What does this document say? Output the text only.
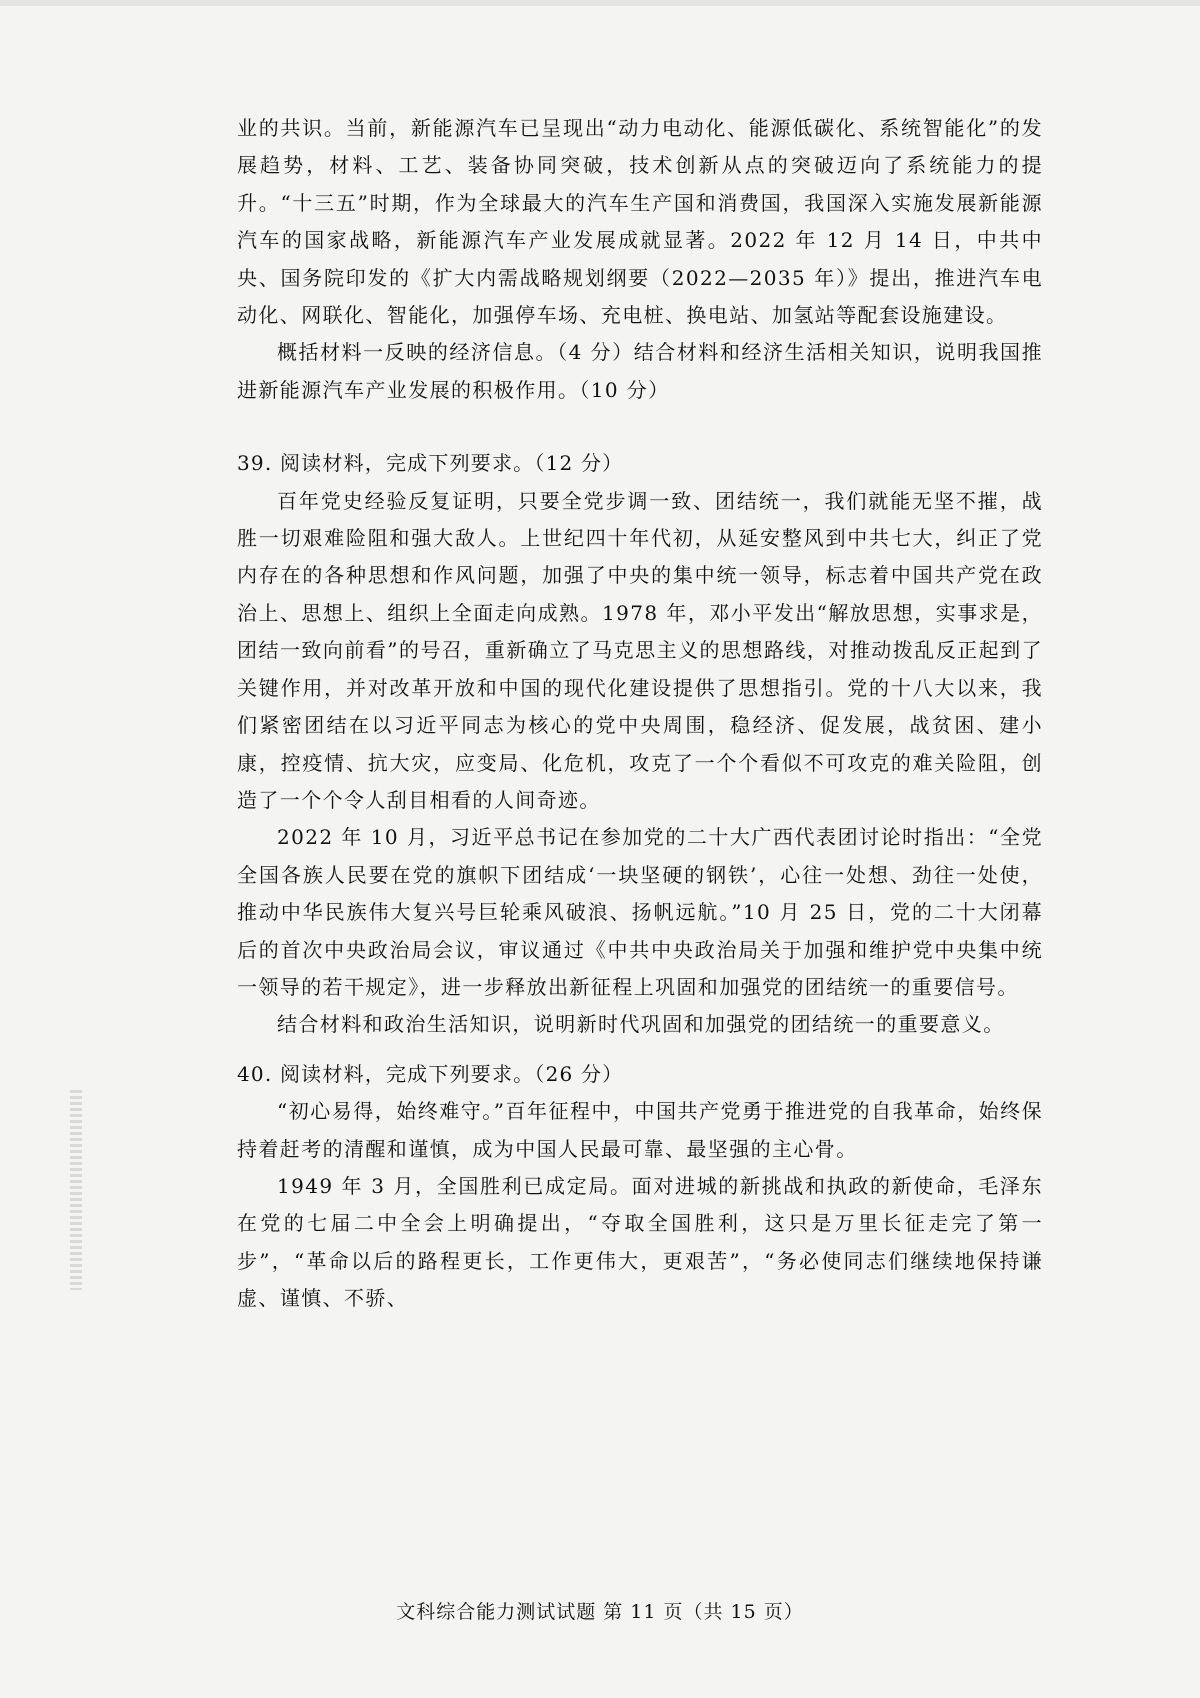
业的共识。当前，新能源汽车已呈现出“动力电动化、能源低碳化、系统智能化”的发展趋势，材料、工艺、装备协同突破，技术创新从点的突破迈向了系统能力的提升。“十三五”时期，作为全球最大的汽车生产国和消费国，我国深入实施发展新能源汽车的国家战略，新能源汽车产业发展成就显著。2022 年 12 月 14 日，中共中央、国务院印发的《扩大内需战略规划纲要（2022—2035 年）》提出，推进汽车电动化、网联化、智能化，加强停车场、充电桩、换电站、加氢站等配套设施建设。

概括材料一反映的经济信息。（4 分）结合材料和经济生活相关知识，说明我国推进新能源汽车产业发展的积极作用。（10 分）

39. 阅读材料，完成下列要求。（12 分）

百年党史经验反复证明，只要全党步调一致、团结统一，我们就能无坚不摧，战胜一切艰难险阻和强大敌人。上世纪四十年代初，从延安整风到中共七大，纠正了党内存在的各种思想和作风问题，加强了中央的集中统一领导，标志着中国共产党在政治上、思想上、组织上全面走向成熟。1978 年，邓小平发出“解放思想，实事求是，团结一致向前看”的号召，重新确立了马克思主义的思想路线，对推动拨乱反正起到了关键作用，并对改革开放和中国的现代化建设提供了思想指引。党的十八大以来，我们紧密团结在以习近平同志为核心的党中央周围，稳经济、促发展，战贫困、建小康，控疫情、抗大灾，应变局、化危机，攻克了一个个看似不可攻克的难关险阻，创造了一个个令人刮目相看的人间奇迹。

2022 年 10 月，习近平总书记在参加党的二十大广西代表团讨论时指出：“全党全国各族人民要在党的旗帜下团结成‘一块坚硬的钢铁’，心往一处想、劲往一处使，推动中华民族伟大复兴号巨轮乘风破浪、扬帆远航。”10 月 25 日，党的二十大闭幕后的首次中央政治局会议，审议通过《中共中央政治局关于加强和维护党中央集中统一领导的若干规定》，进一步释放出新征程上巩固和加强党的团结统一的重要信号。

结合材料和政治生活知识，说明新时代巩固和加强党的团结统一的重要意义。

40. 阅读材料，完成下列要求。（26 分）

“初心易得，始终难守。”百年征程中，中国共产党勇于推进党的自我革命，始终保持着赶考的清醒和谨慎，成为中国人民最可靠、最坚强的主心骨。

1949 年 3 月，全国胜利已成定局。面对进城的新挑战和执政的新使命，毛泽东在党的七届二中全会上明确提出，“夺取全国胜利，这只是万里长征走完了第一步”，“革命以后的路程更长，工作更伟大，更艰苦”，“务必使同志们继续地保持谦虚、谨慎、不骄、

文科综合能力测试试题 第 11 页（共 15 页）
